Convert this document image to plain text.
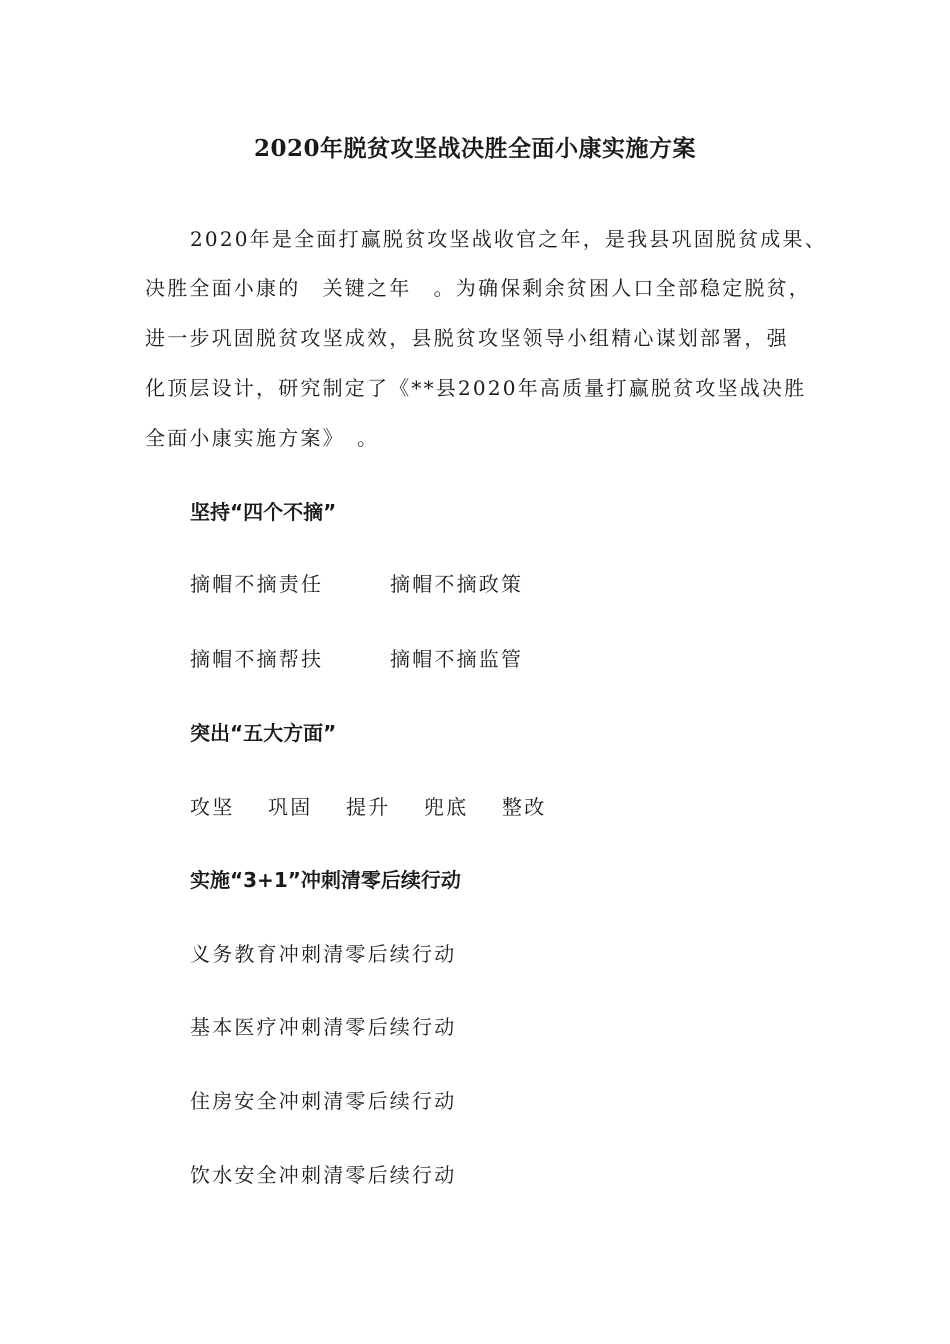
2020年脱贫攻坚战决胜全面小康实施方案
2020年是全面打赢脱贫攻坚战收官之年，是我县巩固脱贫成果、
决胜全面小康的　关键之年　。为确保剩余贫困人口全部稳定脱贫，
进一步巩固脱贫攻坚成效，县脱贫攻坚领导小组精心谋划部署，强
化顶层设计，研究制定了《**县2020年高质量打赢脱贫攻坚战决胜
全面小康实施方案》　。
坚持“四个不摘”
摘帽不摘责任	摘帽不摘政策
摘帽不摘帮扶	摘帽不摘监管
突出“五大方面”
攻坚 巩固 提升 兜底 整改
实施“3+1”冲刺清零后续行动
义务教育冲刺清零后续行动
基本医疗冲刺清零后续行动
住房安全冲刺清零后续行动
饮水安全冲刺清零后续行动
